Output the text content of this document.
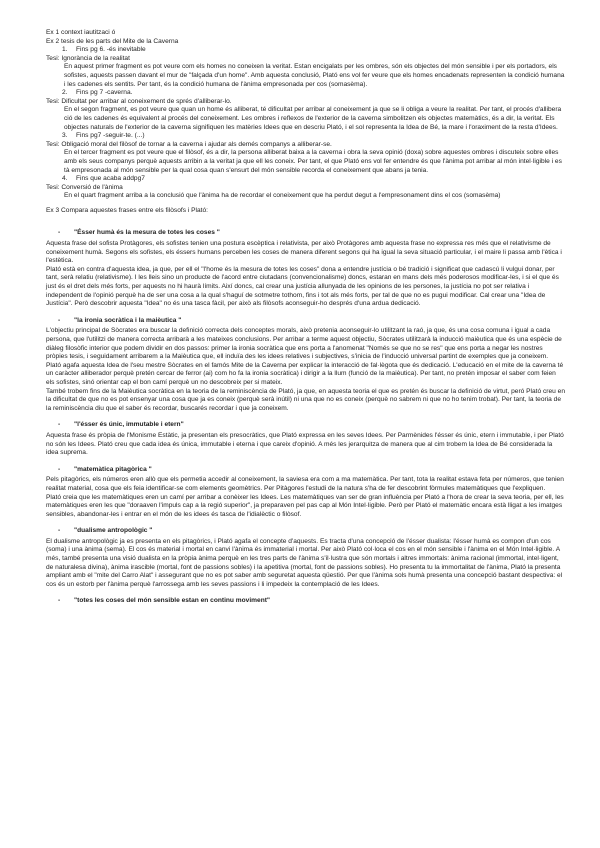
Ex 1 context iautitzaci ó

Ex 2 tesis de les parts del Mite de la Caverna

1. Fins pg 6. -és inevitable

Tesi: Ignorància de la realitat

En aquest primer fragment es pot veure com els homes no coneixen la veritat. Estan encigalats per les ombres, són els objectes del món sensible i per els portadors, els sofistes, aquests passen davant el mur de "falçada d'un home". Amb aquesta conclusió, Plató ens vol fer veure que els homes encadenats representen la condició humana i les cadenes els sentits. Per tant, és la condició humana de l'ànima empresonada per cos (somasèma).

2. Fins pg 7 -caverna.

Tesi: Dificultat per arribar al coneixement de sprés d'alliberar-lo.

En el segon fragment, es pot veure que quan un home és alliberat, té dificultat per arribar al coneixement ja que se li obliga a veure la realitat. Per tant, el procés d'allibera ció de les cadenes és equivalent al procés del coneixement. Les ombres i reflexos de l'exterior de la caverna simbolitzen els objectes matemàtics, és a dir, la veritat. Els objectes naturals de l'exterior de la caverna signifiquen les matèries Idees que en descriu Plató, i el sol representa la Idea de Bé, la mare i l'oraximent de la resta d'Idees.

3. Fins pg7 -seguir-te. (...)

Tesi: Obligació moral del filòsof de tornar a la caverna i ajudar als demés companys a alliberar-se.

En el tercer fragment es pot veure que el filòsof, és a dir, la persona alliberat baixa a la caverna i obra la seva opinió (doxa) sobre aquestes ombres i discuteix sobre elles amb els seus companys perquè aquests arribin a la veritat ja que ell les coneix. Per tant, el que Plató ens vol fer entendre és que l'ànima pot arribar al món intel·ligible i es tà empresonada al món sensible per la qual cosa quan s'ensurt del món sensible recorda el coneixement que abans ja tenia.

4. Fins que acaba addpg7

Tesi: Conversió de l'ànima

En el quart fragment arriba a la conclusió que l'ànima ha de recordar el coneixement que ha perdut degut a l'empresonament dins el cos (somasèma)

Ex 3 Compara aquestes frases entre els filòsofs i Plató:

- "Ésser humà és la mesura de totes les coses "

Aquesta frase del sofista Protàgores, els sofistes tenien una postura escèptica i relativista, per això Protàgores amb aquesta frase no expressa res més que el relativisme de coneixement humà. Segons els sofistes, els éssers humans perceben les coses de manera diferent segons qui ha igual la seva situació particular, i el maire li passa amb l'ètica i l'estètica.

Plató està en contra d'aquesta idea, ja que, per ell el "l'home és la mesura de totes les coses" dona a entendre justícia o bé tradició i significat que cadascú li vulgui donar, per tant, serà relatiu (relativisme). I les lleis sino un producte de l'acord entre ciutadans (convencionalisme) doncs, estaran en mans dels més poderosos modificar-les, i si el que és just és el dret dels més forts, per aquests no hi haurà límits. Així doncs, cal crear una justícia allunyada de les opinions de les persones, la justícia no pot ser relativa i independent de l'opinió perquè ha de ser una cosa a la qual s'haguí de sotmetre tothom, fins i tot als més forts, per tal de que no es pugui modificar. Cal crear una "Idea de Justícia". Però descobrir aquesta "Idea" no és una tasca fàcil, per això als filòsofs aconseguir-ho després d'una ardua dedicació.

- "la ironia socràtica i la maièutica "

L'objectiu principal de Sòcrates era buscar la definició correcta dels conceptes morals, això pretenia aconseguir-lo utilitzant la raó, ja que, és una cosa comuna i igual a cada persona, que l'utilitzi de manera correcta arribarà a les mateixes conclusions. Per arribar a terme aquest objectiu, Sòcrates utilitzarà la inducció maièutica que és una espècie de diàleg filosòfic interior que podem dividir en dos passos: primer la ironia socràtica que ens porta a l'anomenat "Només se que no se res" que ens porta a negar les nostres pròpies tesis, i seguidament arribarem a la Maièutica que, ell induïa des les idees relatives i subjectives, s'inicia de l'inducció universal partint de exemples que ja coneixem.

Plató agafa aquesta Idea de l'seu mestre Sòcrates en el famós Mite de la Caverna per explicar la interacció de fal·lègota que és dedicació. L'educació en el mite de la caverna té un caràcter alliberador perquè pretén cercar de ferror (ai) com ho fa la ironia socràtica) i dirigir a la llum (funció de la maièutica). Per tant, no pretén imposar el saber com feien els sofistes, sinó orientar cap el bon camí perquè un no descobreix per si mateix.

També trobem fins de la Maièutica socràtica en la teoria de la reminiscència de Plató, ja que, en aquesta teoria el que es pretén és buscar la definició de virtut, peró Plató creu en la dificultat de que no es pot ensenyar una cosa que ja es coneix (perquè serà inútil) ni una que no es coneix (perquè no sabrem ni que no ho tenim trobat). Per tant, la teoria de la reminiscència diu que el saber és recordar, buscarés recordar i que ja coneixem.

- "l'ésser és únic, immutable i etern"

Aquesta frase és pròpia de l'Monisme Estàtic, ja presentan els presocràtics, que Plató expressa en les seves Idees. Per Parmènides l'ésser és únic, etern i immutable, i per Plató no són les Idees. Plató creu que cada idea és única, immutable i eterna i que careix d'opinió. A més les jerarquitza de manera que al cim trobem la Idea de Bé considerada la idea suprema.

- "matemàtica pitagòrica "

Pels pitagòrics, els números eren allò que els permetia accedir al coneixement, la saviesa era com a ma matemàtica. Per tant, tota la realitat estava feta per números, que tenien realitat material, cosa que els feia identificar-se com elements geomètrics. Per Pitàgores l'estudi de la natura s'ha de fer descobrint fòrmules matemàtiques que l'expliquen.

Plató creia que les matemàtiques eren un camí per arribar a conèixer les Idees. Les matemàtiques van ser de gran influència per Plató a l'hora de crear la seva teoria, per ell, les matemàtiques eren les que "doraaven l'impuls cap a la regió superior", ja preparaven pel pas cap al Món Intel·ligible. Però per Plató el matemàtic encara està lligat a les imatges sensibles, abandonar-les i entrar en el món de les idees és tasca de l'idialèctic o filòsof.

- "dualisme antropològic "

El dualisme antropològic ja es presenta en els pitagòrics, i Plató agafa el concepte d'aquests. Es tracta d'una concepció de l'ésser dualista: l'ésser humà es compon d'un cos (soma) i una ànima (sema). El cos és material i mortal en canvi l'ànima és immaterial i mortal. Per això Plató col·loca el cos en el món sensible i l'ànima en el Món Intel·ligible. A més, també presenta una visió dualista en la pròpia ànima perquè en les tres parts de l'ànima s'il·lustra que són mortals i altres immortals: ànima racional (immortal, intel·ligent, de naturalesa divina), ànima irascible (mortal, font de passions sobles) i la apetitiva (mortal, font de passions sobles). Ho presenta tu la immortalitat de l'ànima, Plató la presenta ampliant amb el "mite del Carro Alat" i assegurant que no es pot saber amb seguretat aquesta qüestió. Per que l'ànima sols humà presenta una concepció bastant despectiva: el cos és un estorb per l'ànima perquè l'arrossega amb les seves passions i li impedeix la contemplació de les Idees.

- "totes les coses del món sensible estan en continu moviment"
